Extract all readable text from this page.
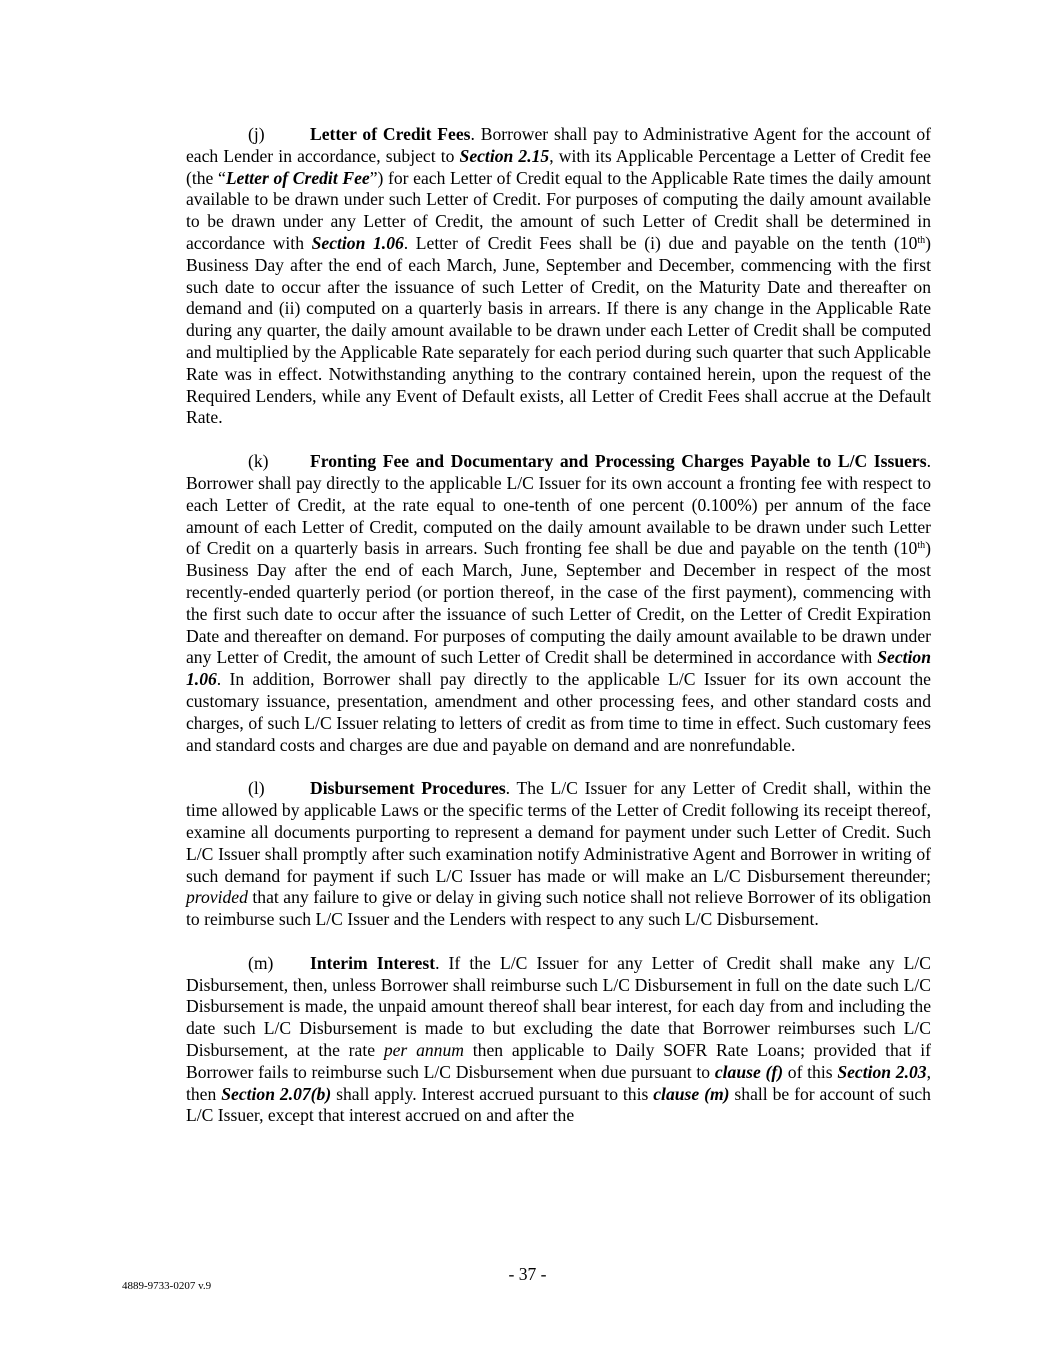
(j)	Letter of Credit Fees. Borrower shall pay to Administrative Agent for the account of each Lender in accordance, subject to Section 2.15, with its Applicable Percentage a Letter of Credit fee (the “Letter of Credit Fee”) for each Letter of Credit equal to the Applicable Rate times the daily amount available to be drawn under such Letter of Credit. For purposes of computing the daily amount available to be drawn under any Letter of Credit, the amount of such Letter of Credit shall be determined in accordance with Section 1.06. Letter of Credit Fees shall be (i) due and payable on the tenth (10th) Business Day after the end of each March, June, September and December, commencing with the first such date to occur after the issuance of such Letter of Credit, on the Maturity Date and thereafter on demand and (ii) computed on a quarterly basis in arrears. If there is any change in the Applicable Rate during any quarter, the daily amount available to be drawn under each Letter of Credit shall be computed and multiplied by the Applicable Rate separately for each period during such quarter that such Applicable Rate was in effect. Notwithstanding anything to the contrary contained herein, upon the request of the Required Lenders, while any Event of Default exists, all Letter of Credit Fees shall accrue at the Default Rate.

(k) Fronting Fee and Documentary and Processing Charges Payable to L/C Issuers. Borrower shall pay directly to the applicable L/C Issuer for its own account a fronting fee with respect to each Letter of Credit, at the rate equal to one-tenth of one percent (0.100%) per annum of the face amount of each Letter of Credit, computed on the daily amount available to be drawn under such Letter of Credit on a quarterly basis in arrears. Such fronting fee shall be due and payable on the tenth (10th) Business Day after the end of each March, June, September and December in respect of the most recently-ended quarterly period (or portion thereof, in the case of the first payment), commencing with the first such date to occur after the issuance of such Letter of Credit, on the Letter of Credit Expiration Date and thereafter on demand. For purposes of computing the daily amount available to be drawn under any Letter of Credit, the amount of such Letter of Credit shall be determined in accordance with Section 1.06. In addition, Borrower shall pay directly to the applicable L/C Issuer for its own account the customary issuance, presentation, amendment and other processing fees, and other standard costs and charges, of such L/C Issuer relating to letters of credit as from time to time in effect. Such customary fees and standard costs and charges are due and payable on demand and are nonrefundable.

(l)	Disbursement Procedures. The L/C Issuer for any Letter of Credit shall, within the time allowed by applicable Laws or the specific terms of the Letter of Credit following its receipt thereof, examine all documents purporting to represent a demand for payment under such Letter of Credit. Such L/C Issuer shall promptly after such examination notify Administrative Agent and Borrower in writing of such demand for payment if such L/C Issuer has made or will make an L/C Disbursement thereunder; provided that any failure to give or delay in giving such notice shall not relieve Borrower of its obligation to reimburse such L/C Issuer and the Lenders with respect to any such L/C Disbursement.

(m) Interim Interest. If the L/C Issuer for any Letter of Credit shall make any L/C Disbursement, then, unless Borrower shall reimburse such L/C Disbursement in full on the date such L/C Disbursement is made, the unpaid amount thereof shall bear interest, for each day from and including the date such L/C Disbursement is made to but excluding the date that Borrower reimburses such L/C Disbursement, at the rate per annum then applicable to Daily SOFR Rate Loans; provided that if Borrower fails to reimburse such L/C Disbursement when due pursuant to clause (f) of this Section 2.03, then Section 2.07(b) shall apply. Interest accrued pursuant to this clause (m) shall be for account of such L/C Issuer, except that interest accrued on and after the

- 37 -
4889-9733-0207 v.9
